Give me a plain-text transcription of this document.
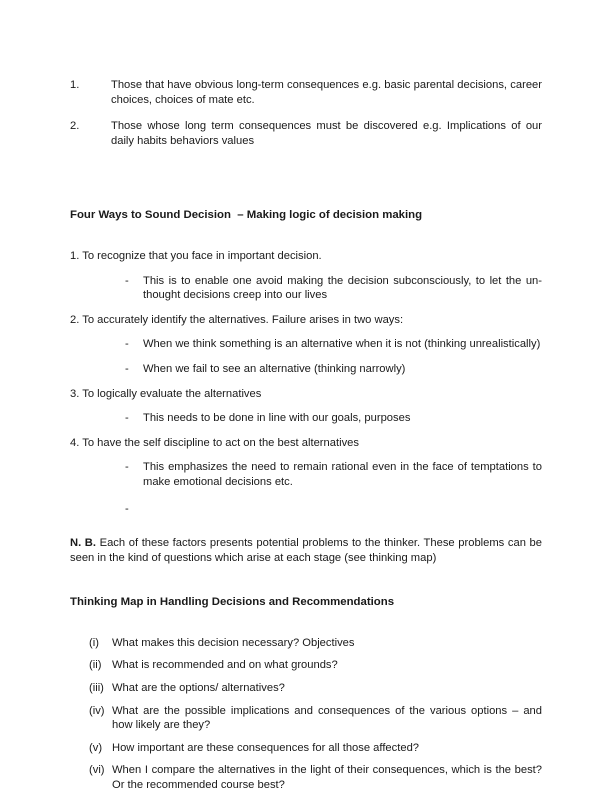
1.	Those that have obvious long-term consequences e.g. basic parental decisions, career choices, choices of mate etc.
2.	Those whose long term consequences must be discovered e.g. Implications of our daily habits behaviors values
Four Ways to Sound Decision  – Making logic of decision making
1. To recognize that you face in important decision.
-	This is to enable one avoid making the decision subconsciously, to let the un-thought decisions creep into our lives
2. To accurately identify the alternatives. Failure arises in two ways:
-	When we think something is an alternative when it is not (thinking unrealistically)
-	When we fail to see an alternative (thinking narrowly)
3. To logically evaluate the alternatives
-	This needs to be done in line with our goals, purposes
4. To have the self discipline to act on the best alternatives
-	This emphasizes the need to remain rational even in the face of temptations to make emotional decisions etc.
-
N. B. Each of these factors presents potential problems to the thinker. These problems can be seen in the kind of questions which arise at each stage (see thinking map)
Thinking Map in Handling Decisions and Recommendations
(i) What makes this decision necessary? Objectives
(ii) What is recommended and on what grounds?
(iii) What are the options/ alternatives?
(iv) What are the possible implications and consequences of the various options – and how likely are they?
(v) How important are these consequences for all those affected?
(vi) When I compare the alternatives in the light of their consequences, which is the best? Or the recommended course best?
